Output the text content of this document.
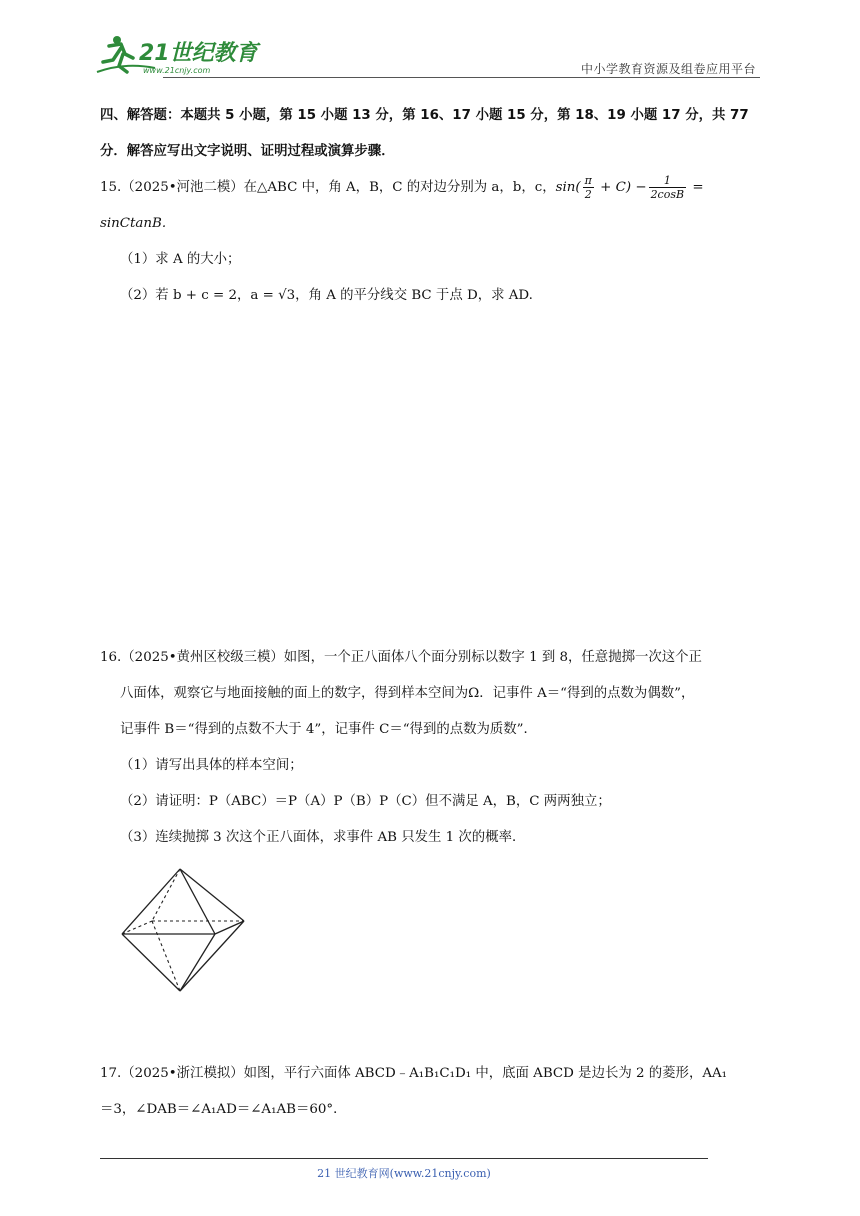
21世纪教育
www.21cnjy.com	中小学教育资源及组卷应用平台

四、解答题：本题共 5 小题，第 15 小题 13 分，第 16、17 小题 15 分，第 18、19 小题 17 分，共 77

分．解答应写出文字说明、证明过程或演算步骤．

15.（2025•河池二模）在△ABC 中，角 A，B，C 的对边分别为 a，b，c，$\sin( \frac{\pi}{2} + C) - \frac{1}{2\cos B}$ = sinCtanB.

（1）求 A 的大小；

（2）若 b + c = 2，a = √3，角 A 的平分线交 BC 于点 D，求 AD.

16.（2025•黄州区校级三模）如图，一个正八面体八个面分别标以数字 1 到 8，任意抛掷一次这个正

八面体，观察它与地面接触的面上的数字，得到样本空间为Ω．记事件 A＝“得到的点数为偶数”，

记事件 B＝“得到的点数不大于 4”，记事件 C＝“得到的点数为质数”．

（1）请写出具体的样本空间；

（2）请证明：P（ABC）＝P（A）P（B）P（C）但不满足 A，B，C 两两独立；

（3）连续抛掷 3 次这个正八面体，求事件 AB 只发生 1 次的概率．

17.（2025•浙江模拟）如图，平行六面体 ABCD﹣A₁B₁C₁D₁ 中，底面 ABCD 是边长为 2 的菱形，AA₁

＝3，∠DAB＝∠A₁AD＝∠A₁AB＝60°．

21 世纪教育网(www.21cnjy.com)
